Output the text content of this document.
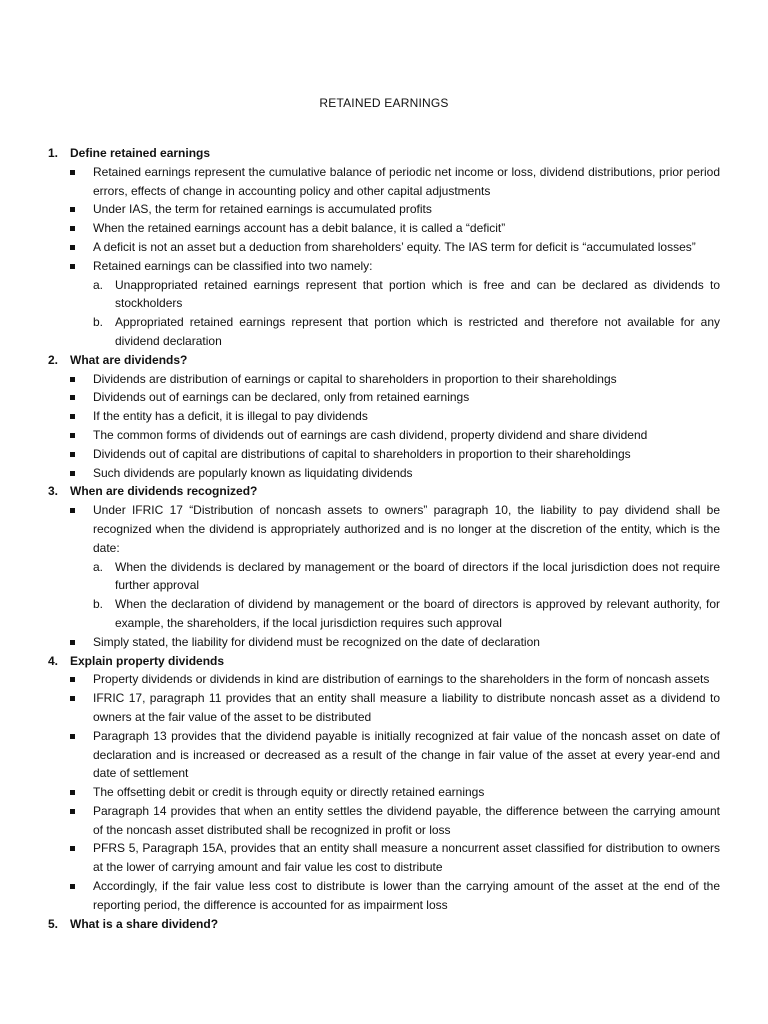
RETAINED EARNINGS
1. Define retained earnings
Retained earnings represent the cumulative balance of periodic net income or loss, dividend distributions, prior period errors, effects of change in accounting policy and other capital adjustments
Under IAS, the term for retained earnings is accumulated profits
When the retained earnings account has a debit balance, it is called a “deficit”
A deficit is not an asset but a deduction from shareholders’ equity. The IAS term for deficit is “accumulated losses”
Retained earnings can be classified into two namely:
a. Unappropriated retained earnings represent that portion which is free and can be declared as dividends to stockholders
b. Appropriated retained earnings represent that portion which is restricted and therefore not available for any dividend declaration
2. What are dividends?
Dividends are distribution of earnings or capital to shareholders in proportion to their shareholdings
Dividends out of earnings can be declared, only from retained earnings
If the entity has a deficit, it is illegal to pay dividends
The common forms of dividends out of earnings are cash dividend, property dividend and share dividend
Dividends out of capital are distributions of capital to shareholders in proportion to their shareholdings
Such dividends are popularly known as liquidating dividends
3. When are dividends recognized?
Under IFRIC 17 “Distribution of noncash assets to owners” paragraph 10, the liability to pay dividend shall be recognized when the dividend is appropriately authorized and is no longer at the discretion of the entity, which is the date:
a. When the dividends is declared by management or the board of directors if the local jurisdiction does not require further approval
b. When the declaration of dividend by management or the board of directors is approved by relevant authority, for example, the shareholders, if the local jurisdiction requires such approval
Simply stated, the liability for dividend must be recognized on the date of declaration
4. Explain property dividends
Property dividends or dividends in kind are distribution of earnings to the shareholders in the form of noncash assets
IFRIC 17, paragraph 11 provides that an entity shall measure a liability to distribute noncash asset as a dividend to owners at the fair value of the asset to be distributed
Paragraph 13 provides that the dividend payable is initially recognized at fair value of the noncash asset on date of declaration and is increased or decreased as a result of the change in fair value of the asset at every year-end and date of settlement
The offsetting debit or credit is through equity or directly retained earnings
Paragraph 14 provides that when an entity settles the dividend payable, the difference between the carrying amount of the noncash asset distributed shall be recognized in profit or loss
PFRS 5, Paragraph 15A, provides that an entity shall measure a noncurrent asset classified for distribution to owners at the lower of carrying amount and fair value les cost to distribute
Accordingly, if the fair value less cost to distribute is lower than the carrying amount of the asset at the end of the reporting period, the difference is accounted for as impairment loss
5. What is a share dividend?
